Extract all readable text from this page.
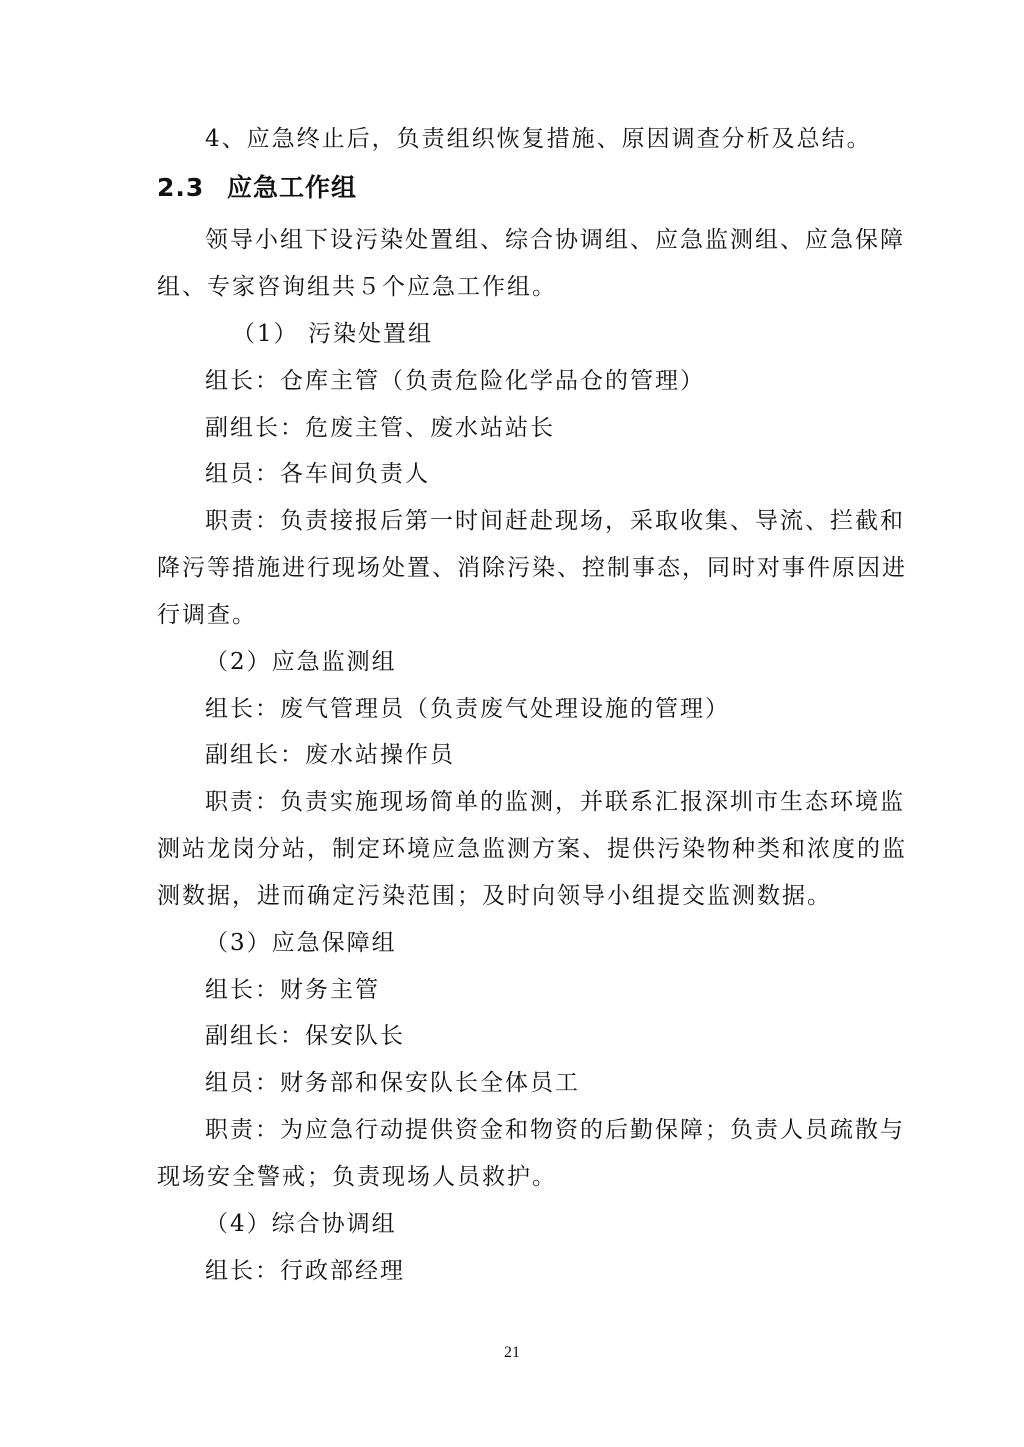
4、应急终止后，负责组织恢复措施、原因调查分析及总结。
2.3 应急工作组
领导小组下设污染处置组、综合协调组、应急监测组、应急保障
组、专家咨询组共５个应急工作组。
（1） 污染处置组
组长：仓库主管（负责危险化学品仓的管理）
副组长：危废主管、废水站站长
组员：各车间负责人
职责：负责接报后第一时间赶赴现场，采取收集、导流、拦截和
降污等措施进行现场处置、消除污染、控制事态，同时对事件原因进
行调查。
（2）应急监测组
组长：废气管理员（负责废气处理设施的管理）
副组长：废水站操作员
职责：负责实施现场简单的监测，并联系汇报深圳市生态环境监
测站龙岗分站，制定环境应急监测方案、提供污染物种类和浓度的监
测数据，进而确定污染范围；及时向领导小组提交监测数据。
（3）应急保障组
组长：财务主管
副组长：保安队长
组员：财务部和保安队长全体员工
职责：为应急行动提供资金和物资的后勤保障；负责人员疏散与
现场安全警戒；负责现场人员救护。
（4）综合协调组
组长：行政部经理
21
